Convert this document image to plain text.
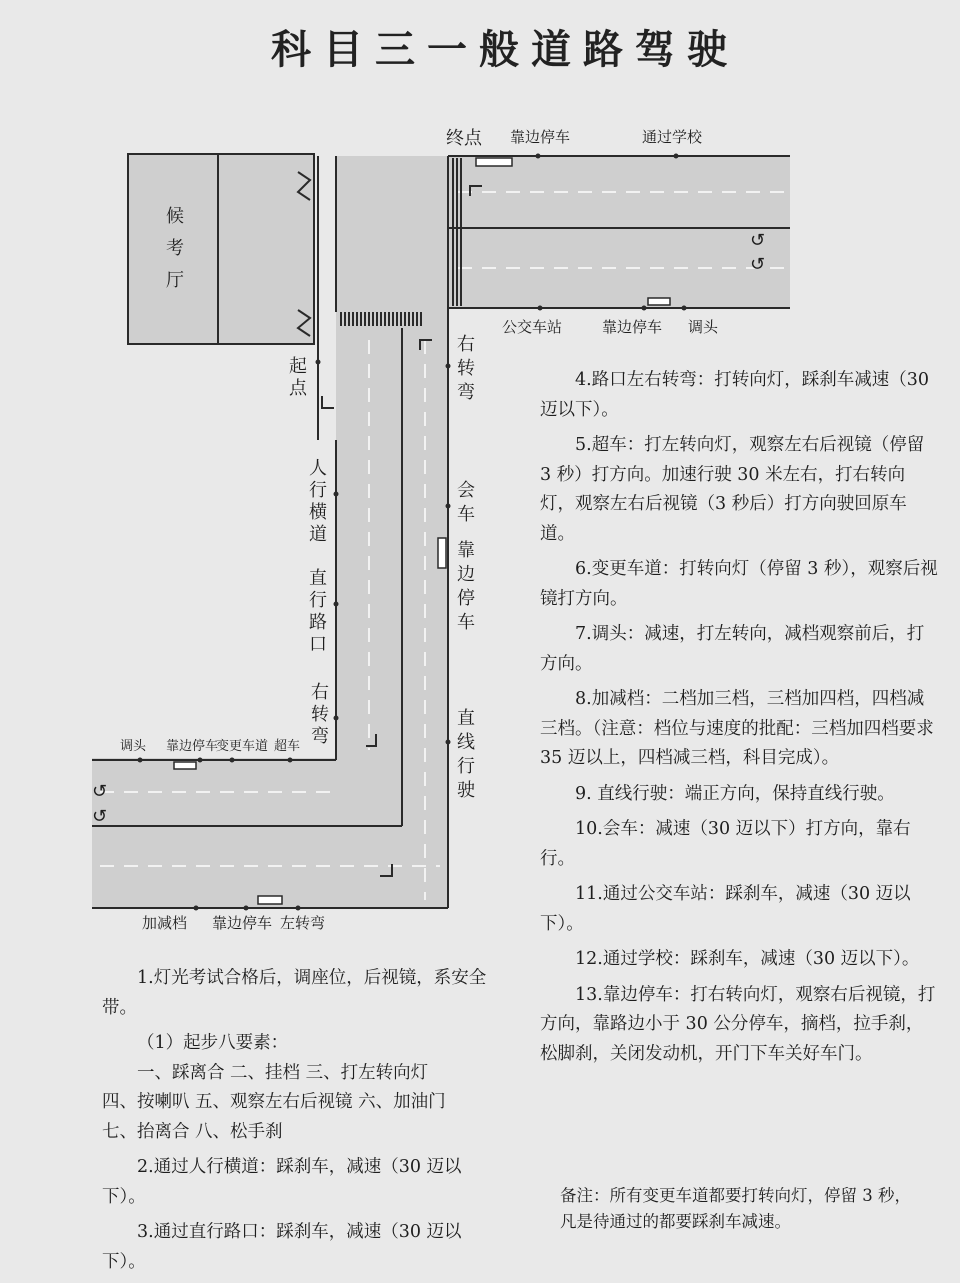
科目三一般道路驾驶
↺
↺
↺
↺
候
考
厅
起点
右转弯
会车
靠边停车
直线行驶
人行横道
直行路口
右转弯
终点 靠边停车	通过学校
公交车站	靠边停车 调头
调头 靠边停车
变更车道 超车
加减档 靠边停车 左转弯

4.路口左右转弯：打转向灯，踩刹车减速（30 迈以下）。

5.超车：打左转向灯，观察左右后视镜（停留 3 秒）打方向。加速行驶 30 米左右，打右转向灯，观察左右后视镜（3 秒后）打方向驶回原车道。

6.变更车道：打转向灯（停留 3 秒），观察后视镜打方向。

7.调头：减速，打左转向，减档观察前后，打方向。

8.加减档：二档加三档，三档加四档，四档减三档。（注意：档位与速度的批配：三档加四档要求 35 迈以上，四档减三档，科目完成）。

9. 直线行驶：端正方向，保持直线行驶。

10.会车：减速（30 迈以下）打方向，靠右行。

11.通过公交车站：踩刹车，减速（30 迈以下）。

12.通过学校：踩刹车，减速（30 迈以下）。

13.靠边停车：打右转向灯，观察右后视镜，打方向，靠路边小于 30 公分停车，摘档，拉手刹，松脚刹，关闭发动机，开门下车关好车门。

1.灯光考试合格后，调座位，后视镜，系安全带。

（1）起步八要素：

一、踩离合 二、挂档 三、打左转向灯

四、按喇叭 五、观察左右后视镜 六、加油门

七、抬离合 八、松手刹

2.通过人行横道：踩刹车，减速（30 迈以下）。

3.通过直行路口：踩刹车，减速（30 迈以下）。

备注：所有变更车道都要打转向灯，停留 3 秒，凡是待通过的都要踩刹车减速。
